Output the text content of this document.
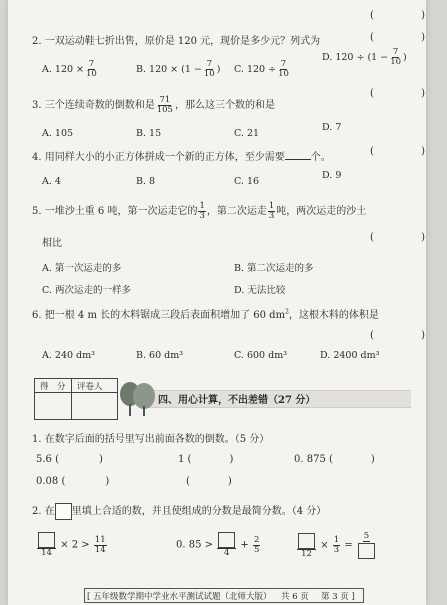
( )
2. 一双运动鞋七折出售，原价是 120 元，现价是多少元？列式为	( )
A. $120 \times \frac{7}{10}$	B. $120 \times (1 - \frac{7}{10}$ ) C. $120 \div \frac{7}{10}$
D. $120 \div (1 - \frac{7}{10}$ )
3. 三个连续奇数的倒数和是 $\frac{71}{105}$ ，那么这三个数的和是
( )
A. 105	B. 15	C. 21
D. 7
4. 用同样大小的小正方体拼成一个新的正方体，至少需要	个。
( )
A. 4	B. 8	C. 16
D. 9
5. 一堆沙土重 6 吨，第一次运走它的 $\frac{1}{3}$ ，第二次运走 $\frac{1}{3}$ 吨，两次运走的沙土
相比
( )
A. 第一次运走的多	B. 第二次运走的多
C. 两次运走的一样多	D. 无法比较
6. 把一根 4 m 长的木料锯成三段后表面积增加了 60 $dm^2$，这根木料的体积是
( )
A. 240 dm³	B. 60 dm³	C. 600 dm³	D. 2400 dm³
得　分 评卷人
四、用心计算，不出差错（27 分）
1. 在数字后面的括号里写出前面各数的倒数。（5 分）
5.6 (	)	1 (	)	0. 875 (	)
0.08 (	)	(	)
2. 在 里填上合适的数，并且使组成的分数是最简分数。（4 分）
14
× $2 > \frac{11}{14}$	0. 85 >
4
+ $\frac{2}{5}$	12
× $\frac{1}{3}$ =
5
[ 五年级数学期中学业水平测试试题（北师大版） 共 6 页 第 3 页 ]
